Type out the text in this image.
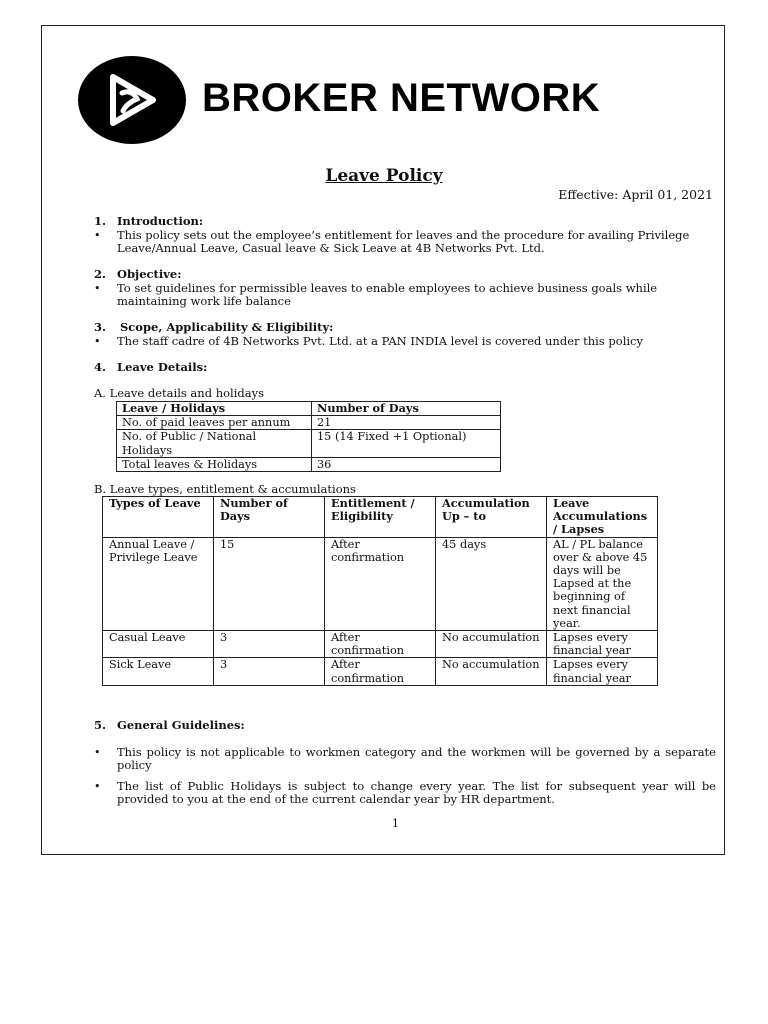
BROKER NETWORK
Leave Policy
Effective: April 01, 2021
1. Introduction:
• This policy sets out the employee’s entitlement for leaves and the procedure for availing Privilege Leave/Annual Leave, Casual leave & Sick Leave at 4B Networks Pvt. Ltd.
2. Objective:
• To set guidelines for permissible leaves to enable employees to achieve business goals while maintaining work life balance
3. Scope, Applicability & Eligibility:
• The staff cadre of 4B Networks Pvt. Ltd. at a PAN INDIA level is covered under this policy
4. Leave Details:
A. Leave details and holidays
Leave / Holidays	Number of Days
No. of paid leaves per annum	21
No. of Public / National Holidays	15 (14 Fixed +1 Optional)
Total leaves & Holidays	36
B. Leave types, entitlement & accumulations
Types of Leave	Number of Days	Entitlement / Eligibility	Accumulation Up – to	Leave Accumulations / Lapses
Annual Leave / Privilege Leave	15	After confirmation	45 days	AL / PL balance over & above 45 days will be Lapsed at the beginning of next financial year.
Casual Leave	3	After confirmation	No accumulation	Lapses every financial year
Sick Leave	3	After confirmation	No accumulation	Lapses every financial year
5. General Guidelines:
• This policy is not applicable to workmen category and the workmen will be governed by a separate policy
• The list of Public Holidays is subject to change every year. The list for subsequent year will be provided to you at the end of the current calendar year by HR department.
1
